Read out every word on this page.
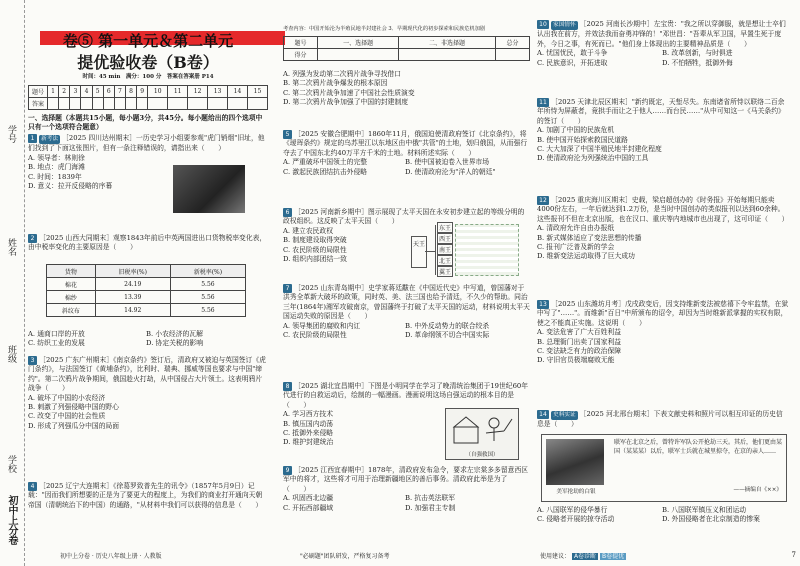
学号
姓名
班级
学校
初中上分卷
卷⑤ 第一单元＆第二单元
提优验收卷（B卷）
时间：45 min　满分：100 分　答案在答案册 P14
题号	1	2	3	4	5	6	7	8	9	10	11	12	13	14	15
答案															
一、选择题（本题共15小题，每小题3分，共45分。每小题给出的四个选项中只有一个选项符合题意）

1 新考法 ［2025 四川达州期末］一历史学习小组要参观"虎门销烟"旧址，他们找到了下面这张图片，但有一条注释错误的，请指出来（　　）

A. 领导者：林则徐

B. 地点：虎门海滩

C. 时间：1839年

D. 意义：拉开反侵略的序幕

2 ［2025 山西大同期末］观察1843年前后中英两国进出口货物税率变化表，由中税率变化的主要原因是（　　）

货物	旧税率(%)	新税率(%)
棉花	24.19	5.56
棉纱	13.39	5.56
斜纹布	14.92	5.56

A. 通商口岸的开放	B. 小农经济的瓦解

C. 纺织工业的发展	D. 协定关税的影响

3 ［2025 广东广州期末］《南京条约》签订后，清政府又被迫与英国签订《虎门条约》，与法国签订《黄埔条约》，比利时、瑞典、挪威等国也要求与中国"缔约"。第二次鸦片战争期间，俄国趁火打劫，从中国侵占大片领土。这表明鸦片战争（　　）

A. 破坏了中国的小农经济

B. 刺激了列强侵略中国的野心

C. 改变了中国的社会性质

D. 形成了列强瓜分中国的局面

4 ［2025 辽宁大连期末］《徐葛罗致普先生的讯令》（1857年5月9日）记载："因而我们所想要的正是为了要更大的程度上，为我们的商业打开通向天朝帝国（清朝统治下的中国）的通路，"从材料中我们可以获得的信息是（　　）

考查内容：中国开始沦为半殖民地半封建社会 3．早期现代化的初步探索和民族危机加剧
题号	一、选择题	二、非选择题	总分
得分			

A. 列强为发动第二次鸦片战争寻找借口

B. 第二次鸦片战争爆发的根本原因

C. 第二次鸦片战争加速了中国社会性质演变

D. 第二次鸦片战争加强了中国的封建制度

5 ［2025 安徽合肥期中］1860年11月，俄国迫使清政府签订《北京条约》，将《瑷珲条约》规定的乌苏里江以东地区由中俄"共管"的土地，划归俄国，从而强行夺去了中国东北约40万平方千米的土地。材料所述实际（　　）

A. 严重破坏中国领土的完整	B. 使中国被迫卷入世界市场

C. 激起民族团结抗击外侵略	D. 使清政府沦为"洋人的朝廷"

6 ［2025 河南新乡期中］图示展现了太平天国在永安初步建立起的等级分明的政权组织。这反映了太平天国（　　）

A. 建立农民政权

B. 制度建设取得突破

C. 农民阶级的局限性

D. 组织内部团结一致

天王
东王
西王
南王
北王
翼王

7 ［2025 山东青岛期中］史学家蒋廷黻在《中国近代史》中写道，曾国藩对于洪秀全革新大破坏的政策，同时英、美、法三国也给予清廷，不久少的帮助。同治三年(1864年)湘军攻破南京，曾国藩终于打破了太平天国的运动，材料说明太平天国运动失败的原因是（　　）

A. 领导集团的腐败和内讧	B. 中外反动势力的联合绞杀

C. 农民阶级的局限性	D. 革命纲领不切合中国实际

8 ［2025 湖北宜昌期中］下图是小明同学在学习了晚清统治集团于19世纪60年代进行的自救运动后，绘制的一幅漫画。漫画说明这场自强运动的根本目的是（　　）

A. 学习西方技术

B. 镇压国内动荡

C. 抵御外来侵略

D. 维护封建统治

（自强救国）

9 ［2025 江西宜春期中］1878年，清政府发布急令，要求左宗棠多多留意西区军中的将才，这些将才可用于治理新疆地区的善后事务。清政府此举是为了（　　）

A. 巩固西北边疆	B. 抗击英法联军

C. 开拓西部疆域	D. 加强君主专制

10 家国情怀 ［2025 河南长沙期中］左宝贵："我之所以穿御服，就是想让士卒们认出我在前方，并效法我而奋勇冲锋的！"邓世昌："吾辈从军卫国，早置生死于度外，今日之事，有死而已。"他们身上体现出的主要精神品质是（　　）

A. 忧国忧民，敢于斗争	B. 改革创新，与时俱进

C. 民族意识，开拓进取	D. 不怕牺牲，抵御外侮

11 ［2025 天津北辰区期末］"新约既定，天堑尽失。东南诸省所恃以联络二百余年所恃为屏蔽者，竟拱手而让之于他人……而台民……"从中可知这一《马关条约》的签订（　　）

A. 加剧了中国的民族危机

B. 使中国开始探索救国民道路

C. 大大加深了中国半殖民地半封建化程度

D. 使清政府沦为列强统治中国的工具

12 ［2025 重庆海川区期末］史载，梁启超创办的《时务报》开始每期只能卖4000份左右，一年后就达到1.2万份，是当时中国创办的类似报刊以达到60余种。这些报刊不但在北京出版，也在汉口、重庆等内地城市也出现了，这可印证（　　）

A. 清政府允许自由办报纸

B. 新式媒体适应了变法思想的传播

C. 报刊广泛普及新的学会

D. 维新变法运动取得了巨大成功

13 ［2025 山东潍坊月考］戊戌政变后，因支持维新变法被慈禧下令牢监禁，在狱中写了"……"。而维新"百日"中所颁布的诏令，却因为当时维新派掌握的实权有限，使之不能真正实施。这说明（　　）

A. 变法危害了广大百姓利益

B. 总理衙门出卖了国家利益

C. 变法缺乏有力的政治保障

D. 守旧官员极端腐败无能

14 史料实证 ［2025 河北邢台期末］下表文献史料和照片可以相互印证的历史信息是（　　）

美军抢劫的白银
联军在北京之后，曾特许军队公开抢劫三天。其后，他们更由某国（某某某）以后，联军士兵就在城里掠夺，在京的亲人……
——摘编自《××》

A. 八国联军的侵华暴行	B. 八国联军镇压义和团运动

C. 侵略者开展的掠夺活动	D. 外国侵略者在北京制造的惨案

初中上分卷 · 历史八年级上册 · 人教版	"必刷题"团队研发，严格复习备考	使用建议： A卷诊断 B卷提优	7
